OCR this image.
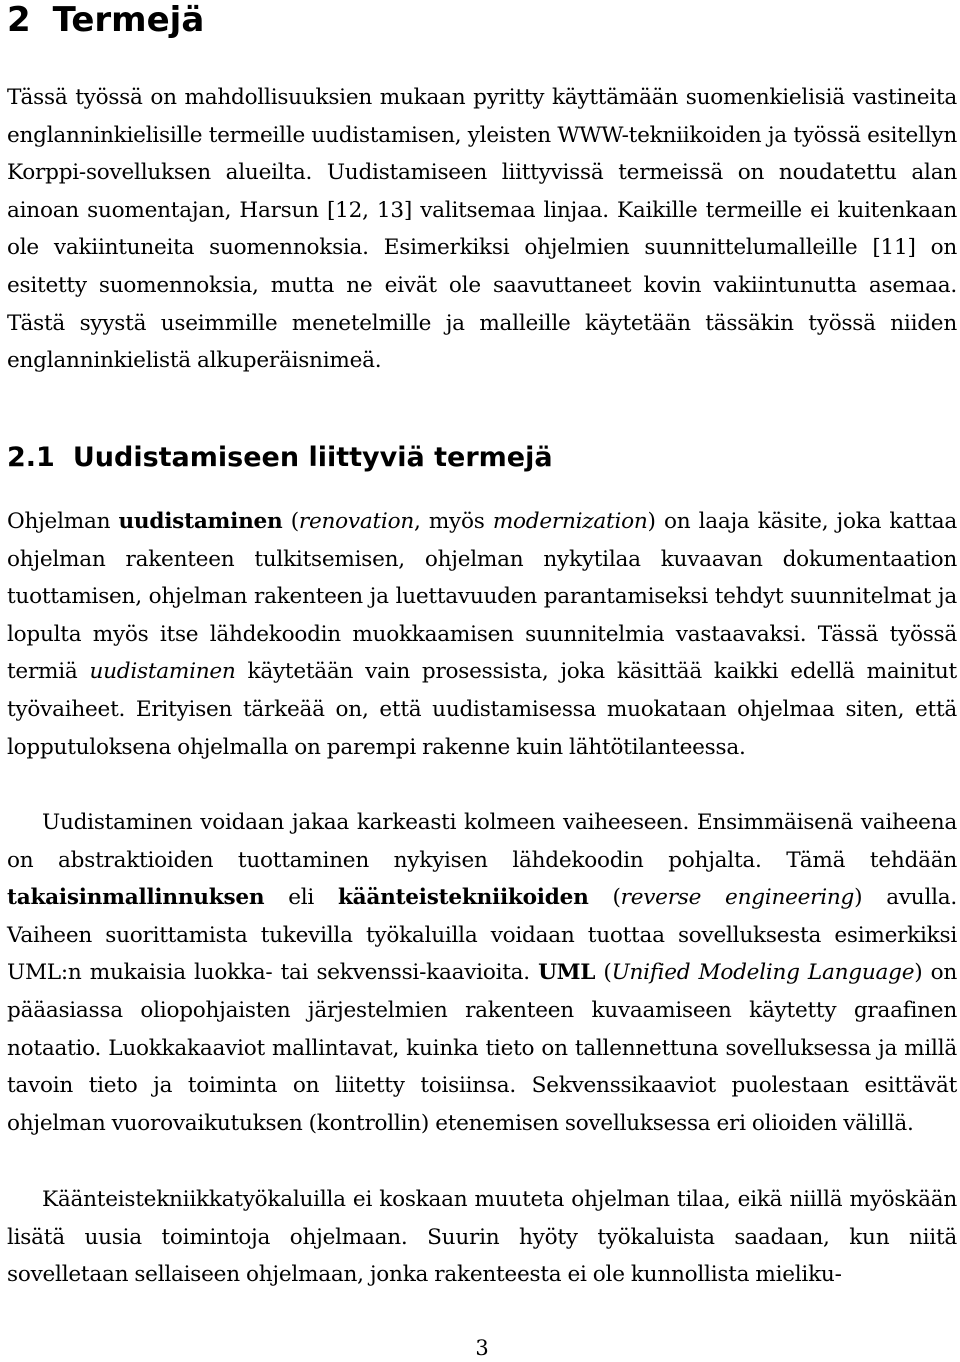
2 Termejä

Tässä työssä on mahdollisuuksien mukaan pyritty käyttämään suomenkielisiä vastineita englanninkielisille termeille uudistamisen, yleisten WWW-tekniikoiden ja työssä esitellyn Korppi-sovelluksen alueilta. Uudistamiseen liittyvissä termeissä on noudatettu alan ainoan suomentajan, Harsun [12, 13] valitsemaa linjaa. Kaikille termeille ei kuitenkaan ole vakiintuneita suomennoksia. Esimerkiksi ohjelmien suunnittelumalleille [11] on esitetty suomennoksia, mutta ne eivät ole saavuttaneet kovin vakiintunutta asemaa. Tästä syystä useimmille menetelmille ja malleille käytetään tässäkin työssä niiden englanninkielistä alkuperäisnimeä.

2.1 Uudistamiseen liittyviä termejä

Ohjelman uudistaminen (renovation, myös modernization) on laaja käsite, joka kattaa ohjelman rakenteen tulkitsemisen, ohjelman nykytilaa kuvaavan dokumentaation tuottamisen, ohjelman rakenteen ja luettavuuden parantamiseksi tehdyt suunnitelmat ja lopulta myös itse lähdekoodin muokkaamisen suunnitelmia vastaavaksi. Tässä työssä termiä uudistaminen käytetään vain prosessista, joka käsittää kaikki edellä mainitut työvaiheet. Erityisen tärkeää on, että uudistamisessa muokataan ohjelmaa siten, että lopputuloksena ohjelmalla on parempi rakenne kuin lähtötilanteessa.

Uudistaminen voidaan jakaa karkeasti kolmeen vaiheeseen. Ensimmäisenä vaiheena on abstraktioiden tuottaminen nykyisen lähdekoodin pohjalta. Tämä tehdään takaisinmallinnuksen eli käänteistekniikoiden (reverse engineering) avulla. Vaiheen suorittamista tukevilla työkaluilla voidaan tuottaa sovelluksesta esimerkiksi UML:n mukaisia luokka- tai sekvenssi-kaavioita. UML (Unified Modeling Language) on pääasiassa oliopohjaisten järjestelmien rakenteen kuvaamiseen käytetty graafinen notaatio. Luokkakaaviot mallintavat, kuinka tieto on tallennettuna sovelluksessa ja millä tavoin tieto ja toiminta on liitetty toisiinsa. Sekvenssikaaviot puolestaan esittävät ohjelman vuorovaikutuksen (kontrollin) etenemisen sovelluksessa eri olioiden välillä.

Käänteistekniikkatyökaluilla ei koskaan muuteta ohjelman tilaa, eikä niillä myöskään lisätä uusia toimintoja ohjelmaan. Suurin hyöty työkaluista saadaan, kun niitä sovelletaan sellaiseen ohjelmaan, jonka rakenteesta ei ole kunnollista mieliku-

3
